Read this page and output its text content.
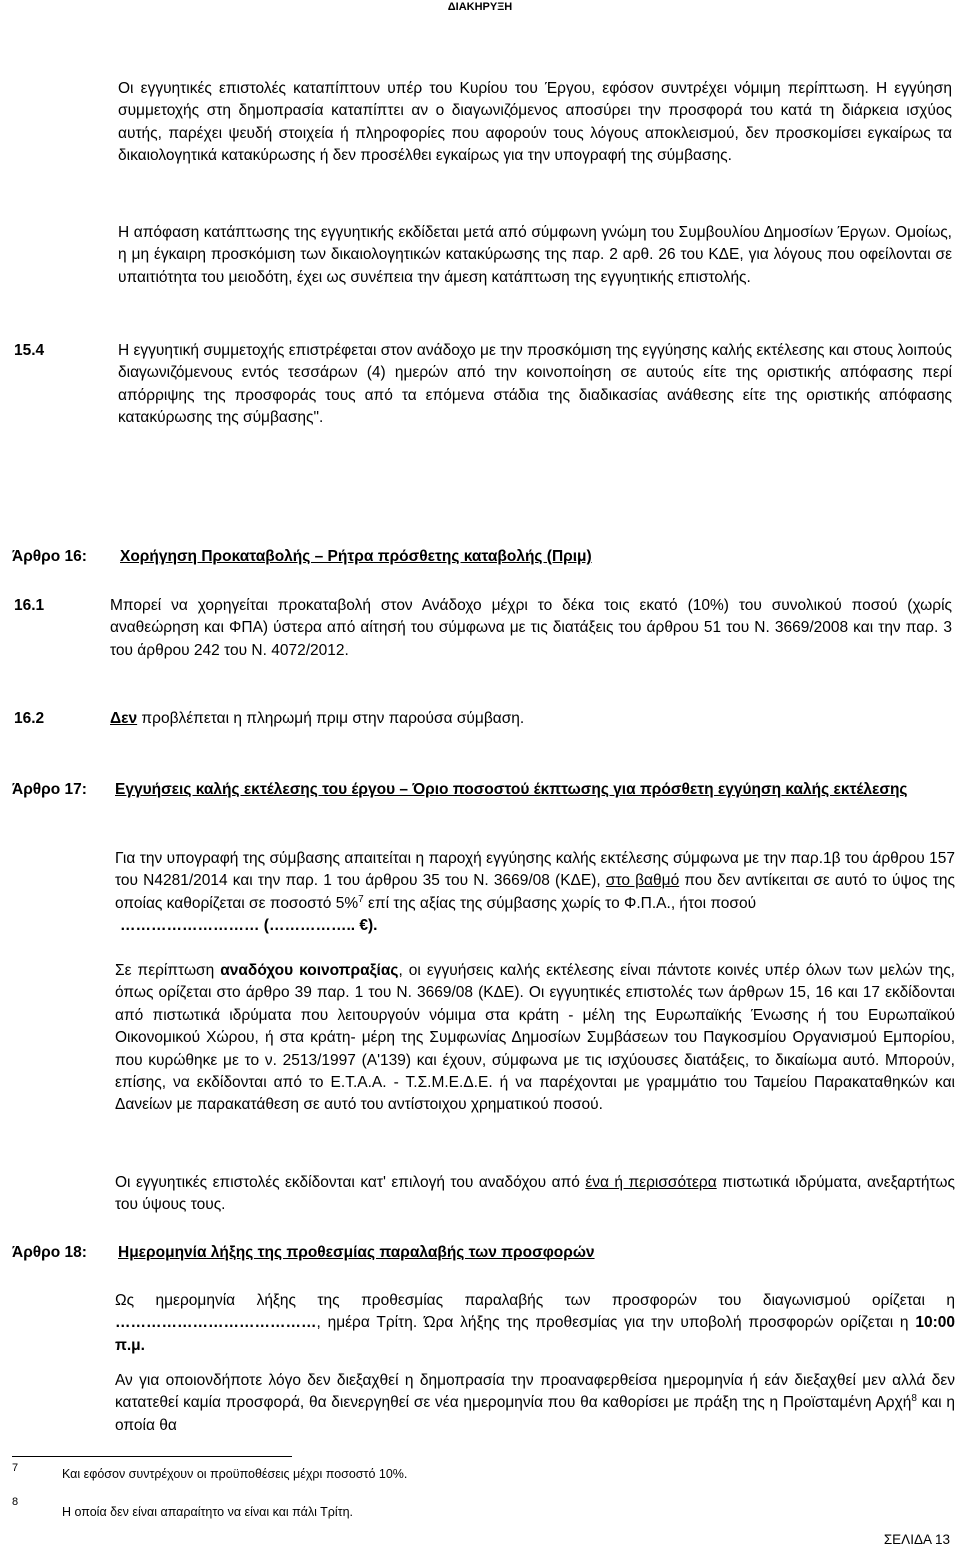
ΔΙΑΚΗΡΥΞΗ

Οι εγγυητικές επιστολές καταπίπτουν υπέρ του Κυρίου του Έργου, εφόσον συντρέχει νόμιμη περίπτωση. Η εγγύηση συμμετοχής στη δημοπρασία καταπίπτει αν ο διαγωνιζόμενος αποσύρει την προσφορά του κατά τη διάρκεια ισχύος αυτής, παρέχει ψευδή στοιχεία ή πληροφορίες που αφορούν τους λόγους αποκλεισμού, δεν προσκομίσει εγκαίρως τα δικαιολογητικά κατακύρωσης ή δεν προσέλθει εγκαίρως για την υπογραφή της σύμβασης.

Η απόφαση κατάπτωσης της εγγυητικής εκδίδεται μετά από σύμφωνη γνώμη του Συμβουλίου Δημοσίων Έργων. Ομοίως, η μη έγκαιρη προσκόμιση των δικαιολογητικών κατακύρωσης της παρ. 2 αρθ. 26 του ΚΔΕ, για λόγους που οφείλονται σε υπαιτιότητα του μειοδότη, έχει ως συνέπεια την άμεση κατάπτωση της εγγυητικής επιστολής.

15.4	Η εγγυητική συμμετοχής επιστρέφεται στον ανάδοχο με την προσκόμιση της εγγύησης καλής εκτέλεσης και στους λοιπούς διαγωνιζόμενους εντός τεσσάρων (4) ημερών από την κοινοποίηση σε αυτούς είτε της οριστικής απόφασης περί απόρριψης της προσφοράς τους από τα επόμενα στάδια της διαδικασίας ανάθεσης είτε της οριστικής απόφασης κατακύρωσης της σύμβασης".

Άρθρο 16: Χορήγηση Προκαταβολής – Ρήτρα πρόσθετης καταβολής (Πριμ)
16.1	Μπορεί να χορηγείται προκαταβολή στον Ανάδοχο μέχρι το δέκα τοις εκατό (10%) του συνολικού ποσού (χωρίς αναθεώρηση και ΦΠΑ) ύστερα από αίτησή του σύμφωνα με τις διατάξεις του άρθρου 51 του Ν. 3669/2008 και την παρ. 3 του άρθρου 242 του Ν. 4072/2012.

16.2	Δεν προβλέπεται η πληρωμή πριμ στην παρούσα σύμβαση.

Άρθρο 17: Εγγυήσεις καλής εκτέλεσης του έργου – Όριο ποσοστού έκπτωσης για πρόσθετη εγγύηση καλής εκτέλεσης

Για την υπογραφή της σύμβασης απαιτείται η παροχή εγγύησης καλής εκτέλεσης σύμφωνα με την παρ.1β του άρθρου 157 του Ν4281/2014 και την παρ. 1 του άρθρου 35 του Ν. 3669/08 (ΚΔΕ), στο βαθμό που δεν αντίκειται σε αυτό το ύψος της οποίας καθορίζεται σε ποσοστό 5%$^7$ επί της αξίας της σύμβασης χωρίς το Φ.Π.Α., ήτοι ποσού
……………………… (…………….. €).

Σε περίπτωση αναδόχου κοινοπραξίας, οι εγγυήσεις καλής εκτέλεσης είναι πάντοτε κοινές υπέρ όλων των μελών της, όπως ορίζεται στο άρθρο 39 παρ. 1 του Ν. 3669/08 (ΚΔΕ). Οι εγγυητικές επιστολές των άρθρων 15, 16 και 17 εκδίδονται από πιστωτικά ιδρύματα που λειτουργούν νόμιμα στα κράτη - μέλη της Ευρωπαϊκής Ένωσης ή του Ευρωπαϊκού Οικονομικού Χώρου, ή στα κράτη- μέρη της Συμφωνίας Δημοσίων Συμβάσεων του Παγκοσμίου Οργανισμού Εμπορίου, που κυρώθηκε με το ν. 2513/1997 (Α'139) και έχουν, σύμφωνα με τις ισχύουσες διατάξεις, το δικαίωμα αυτό. Μπορούν, επίσης, να εκδίδονται από το Ε.Τ.Α.Α. - Τ.Σ.Μ.Ε.Δ.Ε. ή να παρέχονται με γραμμάτιο του Ταμείου Παρακαταθηκών και Δανείων με παρακατάθεση σε αυτό του αντίστοιχου χρηματικού ποσού.

Οι εγγυητικές επιστολές εκδίδονται κατ' επιλογή του αναδόχου από ένα ή περισσότερα πιστωτικά ιδρύματα, ανεξαρτήτως του ύψους τους.

Άρθρο 18: Ημερομηνία λήξης της προθεσμίας παραλαβής των προσφορών

Ως ημερομηνία λήξης της προθεσμίας παραλαβής των προσφορών του διαγωνισμού ορίζεται η …………………………………, ημέρα Τρίτη. Ώρα λήξης της προθεσμίας για την υποβολή προσφορών ορίζεται η 10:00 π.μ.

Αν για οποιονδήποτε λόγο δεν διεξαχθεί η δημοπρασία την προαναφερθείσα ημερομηνία ή εάν διεξαχθεί μεν αλλά δεν κατατεθεί καμία προσφορά, θα διενεργηθεί σε νέα ημερομηνία που θα καθορίσει με πράξη της η Προϊσταμένη Αρχή$^8$ και η οποία θα

7	Και εφόσον συντρέχουν οι προϋποθέσεις μέχρι ποσοστό 10%.
8
Η οποία δεν είναι απαραίτητο να είναι και πάλι Τρίτη.
ΣΕΛΙΔΑ 13
